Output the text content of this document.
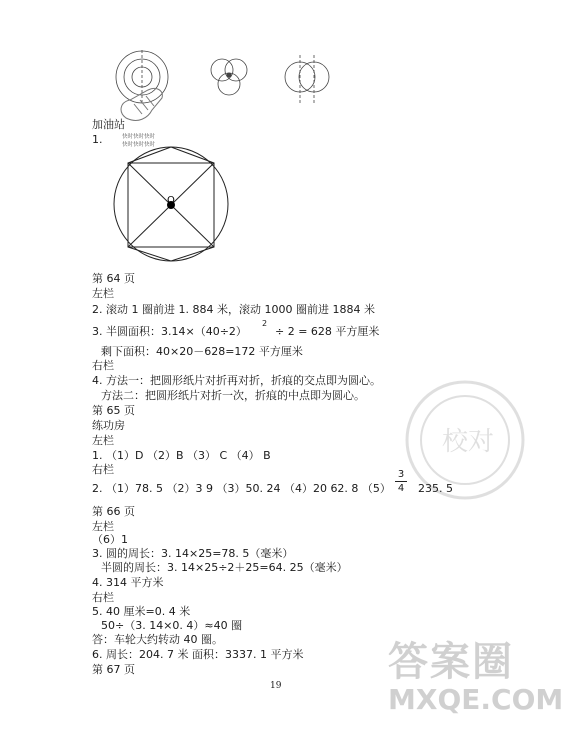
加油站
1.	快时快时快时
快时快时快时
O
第 64 页
左栏
2. 滚动 1 圈前进 1. 884 米，滚动 1000 圈前进 1884 米
3. 半圆面积：3.14×（40÷2）
2
÷ 2 = 628 平方厘米
剩下面积：40×20－628=172 平方厘米
右栏
4. 方法一：把圆形纸片对折再对折，折痕的交点即为圆心。
方法二：把圆形纸片对折一次，折痕的中点即为圆心。
第 65 页
练功房
左栏
1. （1）D （2）B （3） C （4） B
右栏
2. （1）78. 5 （2）3 9 （3）50. 24 （4）20 62. 8 （5）
3
4 235. 5
第 66 页
左栏
（6）1
3. 圆的周长：3. 14×25=78. 5（毫米）
半圆的周长：3. 14×25÷2＋25=64. 25（毫米）
4. 314 平方米
右栏
5. 40 厘米=0. 4 米
50÷（3. 14×0. 4）≈40 圈
答：车轮大约转动 40 圈。
6. 周长：204. 7 米 面积：3337. 1 平方米
第 67 页
19
校对
答案圈
MXQE.COM
